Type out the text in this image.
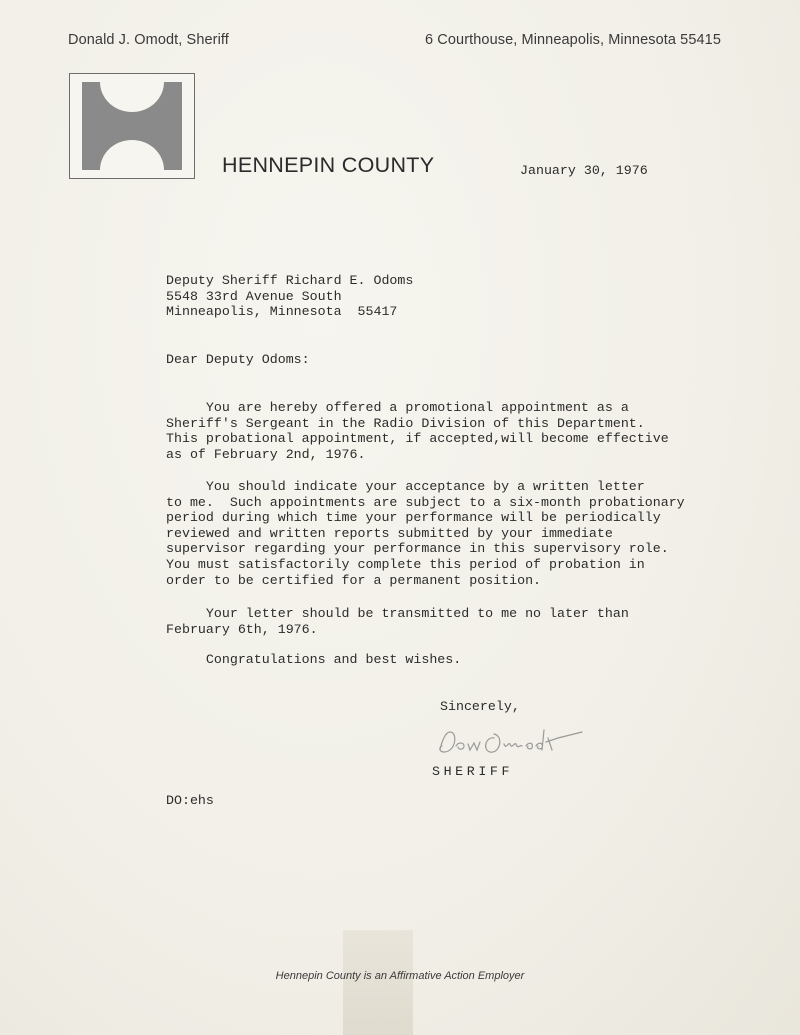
Donald J. Omodt, Sheriff	6 Courthouse, Minneapolis, Minnesota 55415
HENNEPIN COUNTY	January 30, 1976
Deputy Sheriff Richard E. Odoms
5548 33rd Avenue South
Minneapolis, Minnesota  55417
Dear Deputy Odoms:
You are hereby offered a promotional appointment as a
Sheriff's Sergeant in the Radio Division of this Department.
This probational appointment, if accepted,will become effective
as of February 2nd, 1976.
You should indicate your acceptance by a written letter
to me.  Such appointments are subject to a six-month probationary
period during which time your performance will be periodically
reviewed and written reports submitted by your immediate
supervisor regarding your performance in this supervisory role.
You must satisfactorily complete this period of probation in
order to be certified for a permanent position.
Your letter should be transmitted to me no later than
February 6th, 1976.
Congratulations and best wishes.
Sincerely,
SHERIFF
DO:ehs
Hennepin County is an Affirmative Action Employer
